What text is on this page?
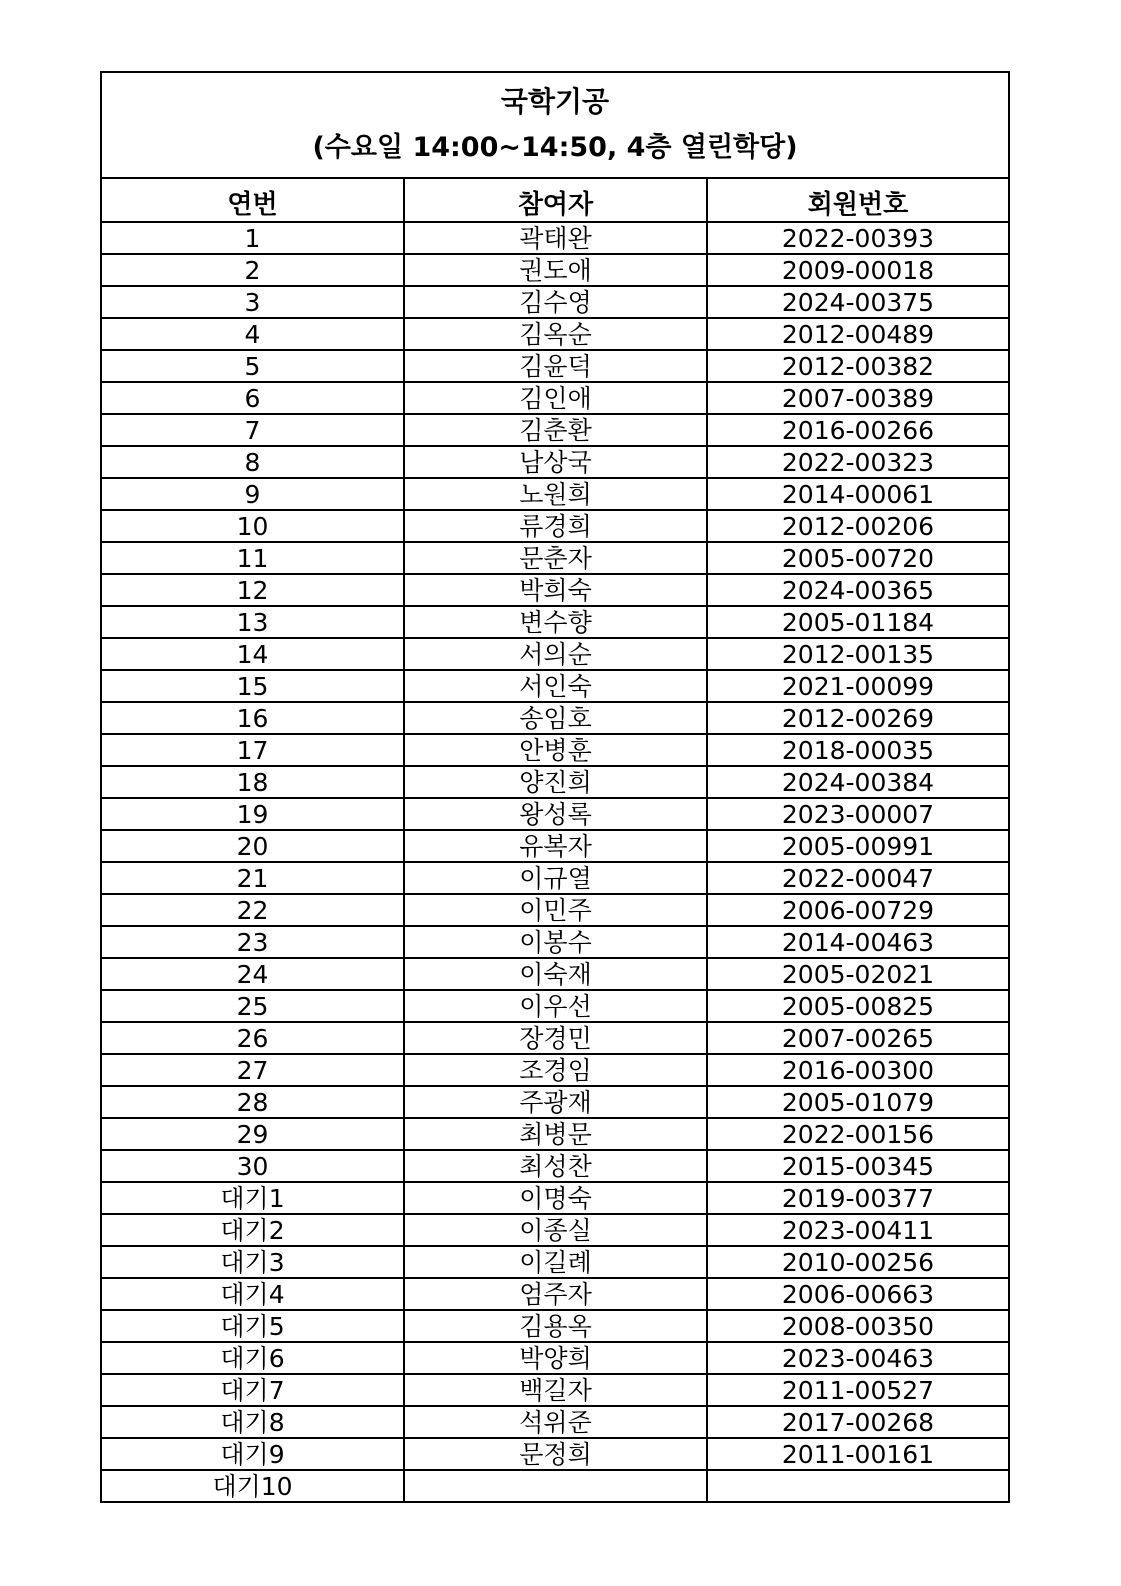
국학기공
(수요일 14:00~14:50, 4층 열린학당)
연번	참여자	회원번호
1	곽태완	2022-00393
2	권도애	2009-00018
3	김수영	2024-00375
4	김옥순	2012-00489
5	김윤덕	2012-00382
6	김인애	2007-00389
7	김춘환	2016-00266
8	남상국	2022-00323
9	노원희	2014-00061
10	류경희	2012-00206
11	문춘자	2005-00720
12	박희숙	2024-00365
13	변수향	2005-01184
14	서의순	2012-00135
15	서인숙	2021-00099
16	송임호	2012-00269
17	안병훈	2018-00035
18	양진희	2024-00384
19	왕성록	2023-00007
20	유복자	2005-00991
21	이규열	2022-00047
22	이민주	2006-00729
23	이봉수	2014-00463
24	이숙재	2005-02021
25	이우선	2005-00825
26	장경민	2007-00265
27	조경임	2016-00300
28	주광재	2005-01079
29	최병문	2022-00156
30	최성찬	2015-00345
대기1	이명숙	2019-00377
대기2	이종실	2023-00411
대기3	이길례	2010-00256
대기4	엄주자	2006-00663
대기5	김용옥	2008-00350
대기6	박양희	2023-00463
대기7	백길자	2011-00527
대기8	석위준	2017-00268
대기9	문정희	2011-00161
대기10		
